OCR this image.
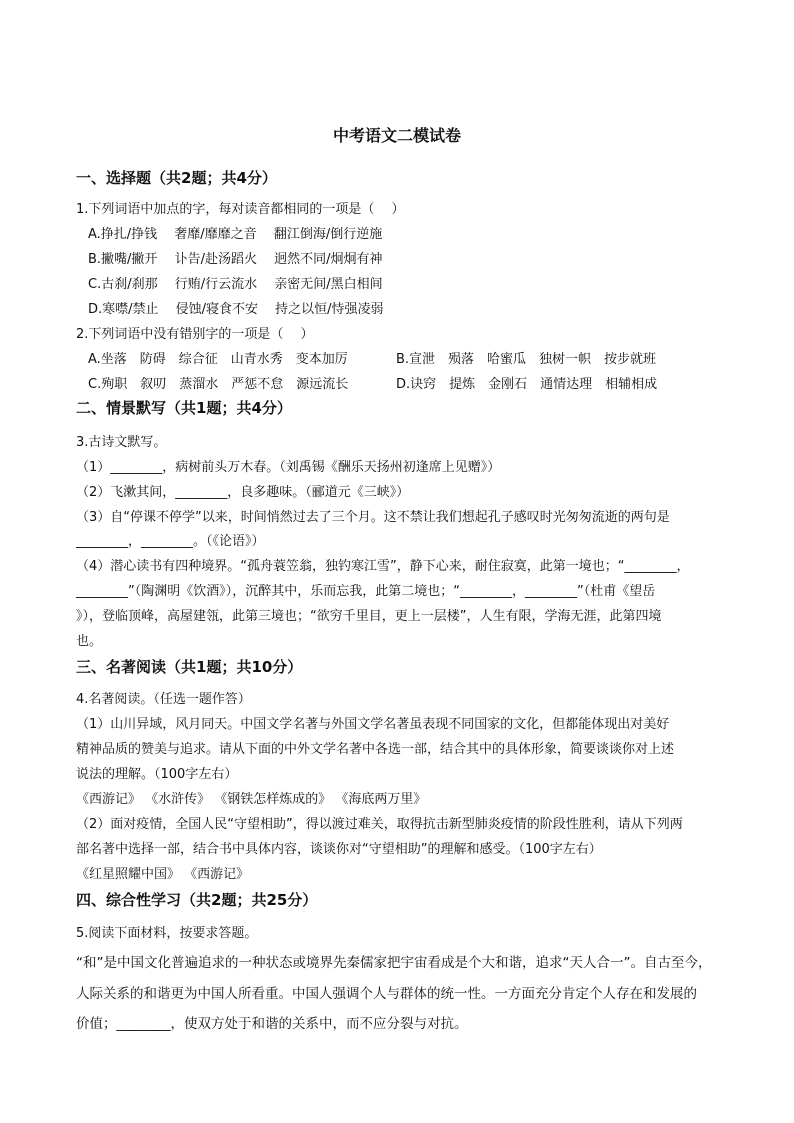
中考语文二模试卷
一、选择题（共2题；共4分）
1.下列词语中加点的字，每对读音都相同的一项是（　 ）
A.挣扎/挣钱　 奢靡/靡靡之音　 翻江倒海/倒行逆施
B.撇嘴/撇开　 讣告/赴汤蹈火　 迥然不同/炯炯有神
C.古刹/刹那　 行贿/行云流水　 亲密无间/黑白相间
D.寒噤/禁止　 侵蚀/寝食不安　 持之以恒/恃强凌弱
2.下列词语中没有错别字的一项是（　 ）
A.坐落　防碍　综合征　山青水秀　变本加厉	B.宣泄　殒落　哈蜜瓜　独树一帜　按步就班
C.殉职　叙叨　蒸溜水　严惩不怠　源远流长	D.诀窍　提炼　金刚石　通情达理　相辅相成
二、情景默写（共1题；共4分）
3.古诗文默写。
（1）________，病树前头万木春。（刘禹锡《酬乐天扬州初逢席上见赠》）
（2）飞漱其间，________，良多趣味。（郦道元《三峡》）
（3）自“停课不停学”以来，时间悄然过去了三个月。这不禁让我们想起孔子感叹时光匆匆流逝的两句是
________，________。（《论语》）
（4）潜心读书有四种境界。“孤舟蓑笠翁，独钓寒江雪”，静下心来，耐住寂寞，此第一境也；“________，
________”（陶渊明《饮酒》），沉醉其中，乐而忘我，此第二境也；“________，________”（杜甫《望岳
》），登临顶峰，高屋建瓴，此第三境也；“欲穷千里目，更上一层楼”，人生有限，学海无涯，此第四境
也。
三、名著阅读（共1题；共10分）
4.名著阅读。（任选一题作答）
（1）山川异域，风月同天。中国文学名著与外国文学名著虽表现不同国家的文化，但都能体现出对美好
精神品质的赞美与追求。请从下面的中外文学名著中各选一部，结合其中的具体形象，简要谈谈你对上述
说法的理解。（100字左右）
《西游记》 《水浒传》 《钢铁怎样炼成的》 《海底两万里》
（2）面对疫情，全国人民“守望相助”，得以渡过难关，取得抗击新型肺炎疫情的阶段性胜利，请从下列两
部名著中选择一部，结合书中具体内容，谈谈你对“守望相助”的理解和感受。（100字左右）
《红星照耀中国》 《西游记》
四、综合性学习（共2题；共25分）
5.阅读下面材料，按要求答题。
“和”是中国文化普遍追求的一种状态或境界先秦儒家把宇宙看成是个大和谐，追求“天人合一”。自古至今，
人际关系的和谐更为中国人所看重。中国人强调个人与群体的统一性。一方面充分肯定个人存在和发展的
价值；________，使双方处于和谐的关系中，而不应分裂与对抗。
